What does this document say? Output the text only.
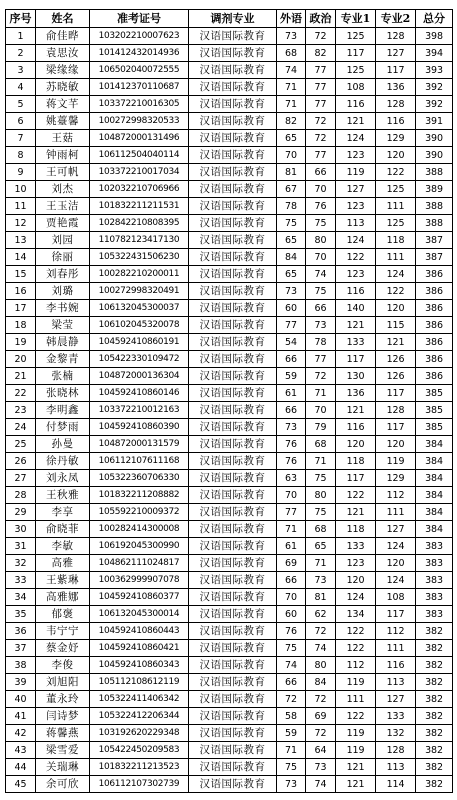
序号	姓名	准考证号	调剂专业	外语	政治	专业1	专业2	总分
1	俞佳晔	103202210007623	汉语国际教育	73	72	125	128	398
2	袁思汝	101412432014936	汉语国际教育	68	82	117	127	394
3	梁缘缘	106502040072555	汉语国际教育	74	77	125	117	393
4	苏晓敏	101412370110687	汉语国际教育	71	77	108	136	392
5	蒋文芊	103372210016305	汉语国际教育	71	77	116	128	392
6	姚薹馨	100272998320533	汉语国际教育	82	72	121	116	391
7	王菇	104872000131496	汉语国际教育	65	72	124	129	390
8	钟雨柯	106112504040114	汉语国际教育	70	77	123	120	390
9	王可帆	103372210017034	汉语国际教育	81	66	119	122	388
10	刘杰	102032210706966	汉语国际教育	67	70	127	125	389
11	王玉洁	101832211211531	汉语国际教育	78	76	123	111	388
12	贾艳霞	102842210808395	汉语国际教育	75	75	113	125	388
13	刘园	110782123417130	汉语国际教育	65	80	124	118	387
14	徐丽	105322431506230	汉语国际教育	84	70	122	111	387
15	刘春彤	100282210200011	汉语国际教育	65	74	123	124	386
16	刘璐	100272998320491	汉语国际教育	73	75	116	122	386
17	李书婉	106132045300037	汉语国际教育	60	66	140	120	386
18	梁莹	106102045320078	汉语国际教育	77	73	121	115	386
19	韩晨静	104592410860191	汉语国际教育	54	78	133	121	386
20	金黎青	105422330109472	汉语国际教育	66	77	117	126	386
21	张楠	104872000136304	汉语国际教育	59	72	130	126	386
22	张晓林	104592410860146	汉语国际教育	61	71	136	117	385
23	李明鑫	103372210012163	汉语国际教育	66	70	121	128	385
24	付梦雨	104592410860390	汉语国际教育	73	79	116	117	385
25	孙曼	104872000131579	汉语国际教育	76	68	120	120	384
26	徐丹敏	106112107611168	汉语国际教育	76	71	118	119	384
27	刘永凤	105322360706330	汉语国际教育	63	75	117	129	384
28	王秋雅	101832211208882	汉语国际教育	70	80	122	112	384
29	李享	105592210009372	汉语国际教育	77	75	121	111	384
30	俞晓菲	100282414300008	汉语国际教育	71	68	118	127	384
31	李敏	106192045300990	汉语国际教育	61	65	133	124	383
32	高雅	104862111024817	汉语国际教育	69	71	123	120	383
33	王紫琳	100362999907078	汉语国际教育	66	73	120	124	383
34	高雅娜	104592410860377	汉语国际教育	70	81	124	108	383
35	郁褒	106132045300014	汉语国际教育	60	62	134	117	383
36	韦宁宁	104592410860443	汉语国际教育	76	72	122	112	382
37	蔡金妤	104592410860421	汉语国际教育	75	74	122	111	382
38	李俊	104592410860343	汉语国际教育	74	80	112	116	382
39	刘旭阳	105112108612119	汉语国际教育	66	84	119	113	382
40	董永玲	105322411406342	汉语国际教育	72	72	111	127	382
41	闫诗梦	105322412206344	汉语国际教育	58	69	122	133	382
42	蒋馨燕	103192620229348	汉语国际教育	59	72	119	132	382
43	梁雪爱	105422450209583	汉语国际教育	71	64	119	128	382
44	关瑞琳	101832211213523	汉语国际教育	75	73	121	113	382
45	余可欣	106112107302739	汉语国际教育	73	74	121	114	382
